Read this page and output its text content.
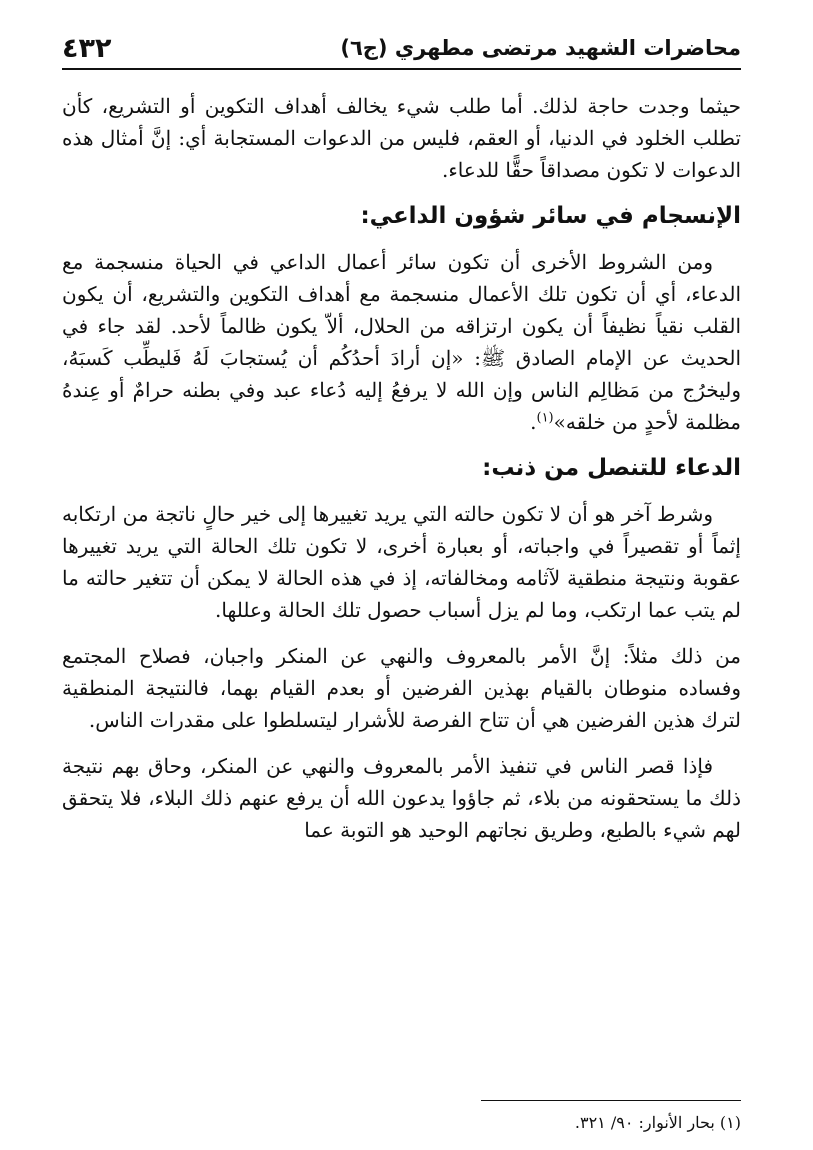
محاضرات الشهيد مرتضى مطهري (ج٦)
٤٣٢

حيثما وجدت حاجة لذلك. أما طلب شيء يخالف أهداف التكوين أو التشريع، كأن تطلب الخلود في الدنيا، أو العقم، فليس من الدعوات المستجابة أي: إنَّ أمثال هذه الدعوات لا تكون مصداقاً حقًّا للدعاء.

الإنسجام في سائر شؤون الداعي:

ومن الشروط الأخرى أن تكون سائر أعمال الداعي في الحياة منسجمة مع الدعاء، أي أن تكون تلك الأعمال منسجمة مع أهداف التكوين والتشريع، أن يكون القلب نقياً نظيفاً أن يكون ارتزاقه من الحلال، ألاّ يكون ظالماً لأحد. لقد جاء في الحديث عن الإمام الصادق ﷺ: «إن أرادَ أحدُكُم أن يُستجابَ لَهُ فَليطِّب كَسبَهُ، وليخرُج من مَظالِم الناس وإن الله لا يرفعُ إليه دُعاء عبد وفي بطنه حرامٌ أو عِندهُ مظلمة لأحدٍ من خلقه»$^{(١)}$.

الدعاء للتنصل من ذنب:

وشرط آخر هو أن لا تكون حالته التي يريد تغييرها إلى خير حالٍ ناتجة من ارتكابه إثماً أو تقصيراً في واجباته، أو بعبارة أخرى، لا تكون تلك الحالة التي يريد تغييرها عقوبة ونتيجة منطقية لآثامه ومخالفاته، إذ في هذه الحالة لا يمكن أن تتغير حالته ما لم يتب عما ارتكب، وما لم يزل أسباب حصول تلك الحالة وعللها.

من ذلك مثلاً: إنَّ الأمر بالمعروف والنهي عن المنكر واجبان، فصلاح المجتمع وفساده منوطان بالقيام بهذين الفرضين أو بعدم القيام بهما، فالنتيجة المنطقية لترك هذين الفرضين هي أن تتاح الفرصة للأشرار ليتسلطوا على مقدرات الناس.

فإذا قصر الناس في تنفيذ الأمر بالمعروف والنهي عن المنكر، وحاق بهم نتيجة ذلك ما يستحقونه من بلاء، ثم جاؤوا يدعون الله أن يرفع عنهم ذلك البلاء، فلا يتحقق لهم شيء بالطبع، وطريق نجاتهم الوحيد هو التوبة عما

(١) بحار الأنوار: ٩٠/ ٣٢١.
